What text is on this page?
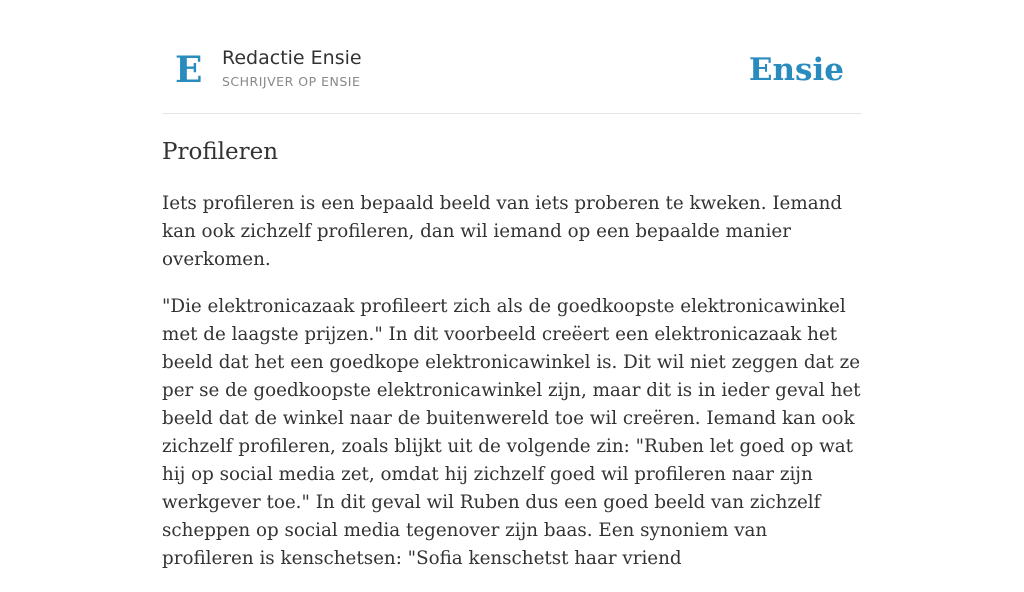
E Redactie Ensie
SCHRIJVER OP ENSIE	Ensie
Profileren

Iets profileren is een bepaald beeld van iets proberen te kweken. Iemand kan ook zichzelf profileren, dan wil iemand op een bepaalde manier overkomen.

"Die elektronicazaak profileert zich als de goedkoopste elektronicawinkel met de laagste prijzen." In dit voorbeeld creëert een elektronicazaak het beeld dat het een goedkope elektronicawinkel is. Dit wil niet zeggen dat ze per se de goedkoopste elektronicawinkel zijn, maar dit is in ieder geval het beeld dat de winkel naar de buitenwereld toe wil creëren. Iemand kan ook zichzelf profileren, zoals blijkt uit de volgende zin: "Ruben let goed op wat hij op social media zet, omdat hij zichzelf goed wil profileren naar zijn werkgever toe." In dit geval wil Ruben dus een goed beeld van zichzelf scheppen op social media tegenover zijn baas. Een synoniem van profileren is kenschetsen: "Sofia kenschetst haar vriend
